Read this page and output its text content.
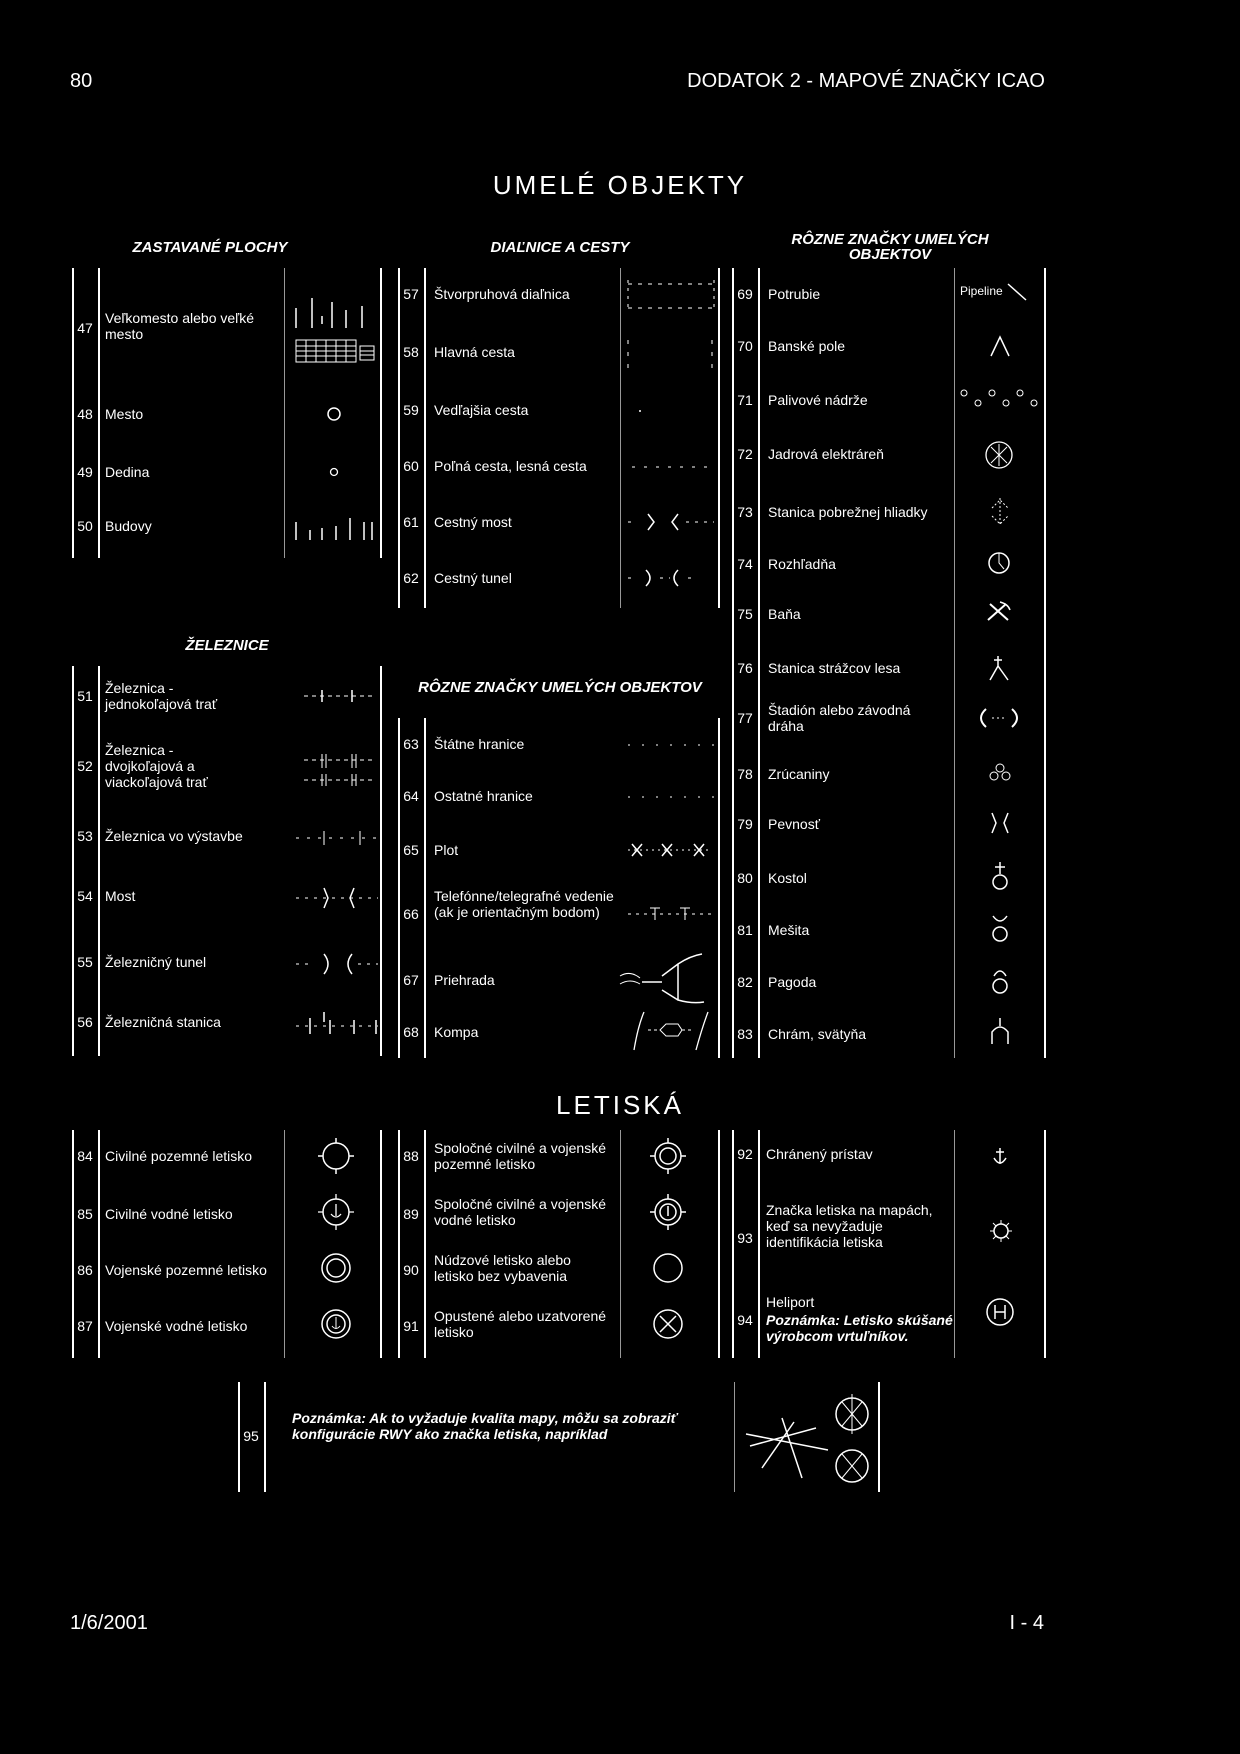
80	DODATOK 2 - MAPOVÉ ZNAČKY ICAO
UMELÉ OBJEKTY
ZASTAVANÉ PLOCHY	DIAĽNICE A CESTY	RÔZNE ZNAČKY UMELÝCH OBJEKTOV
47
Veľkomesto alebo veľké mesto
48 Mesto
49 Dedina
50 Budovy
57	Štvorpruhová diaľnica
58	Hlavná cesta
59	Vedľajšia cesta
60	Poľná cesta, lesná cesta
61	Cestný most
62	Cestný tunel
ŽELEZNICE
51 Železnica - jednokoľajová trať
52
Železnica - dvojkoľajová a viackoľajová trať
53 Železnica vo výstavbe
54 Most
55 Železničný tunel
56 Železničná stanica
RÔZNE ZNAČKY UMELÝCH OBJEKTOV
63	Štátne hranice
64	Ostatné hranice
65	Plot
66
Telefónne/telegrafné vedenie (ak je orientačným bodom)
67	Priehrada
68	Kompa
69	Potrubie	Pipeline
70	Banské pole
71	Palivové nádrže
72	Jadrová elektráreň
73	Stanica pobrežnej hliadky
74	Rozhľadňa
75	Baňa
76	Stanica strážcov lesa
77	Štadión alebo závodná dráha
78	Zrúcaniny
79	Pevnosť
80	Kostol
81	Mešita
82	Pagoda
83	Chrám, svätyňa
LETISKÁ
84 Civilné pozemné letisko
85 Civilné vodné letisko
86 Vojenské pozemné letisko
87 Vojenské vodné letisko
88	Spoločné civilné a vojenské pozemné letisko
89
Spoločné civilné a vojenské vodné letisko
90
Núdzové letisko alebo letisko bez vybavenia
91
Opustené alebo uzatvorené letisko
92 Chránený prístav
93
Značka letiska na mapách, keď sa nevyžaduje identifikácia letiska
94
Heliport
Poznámka: Letisko skúšané výrobcom vrtuľníkov.
95
Poznámka: Ak to vyžaduje kvalita mapy, môžu sa zobraziť konfigurácie RWY ako značka letiska, napríklad
1/6/2001	I - 4
